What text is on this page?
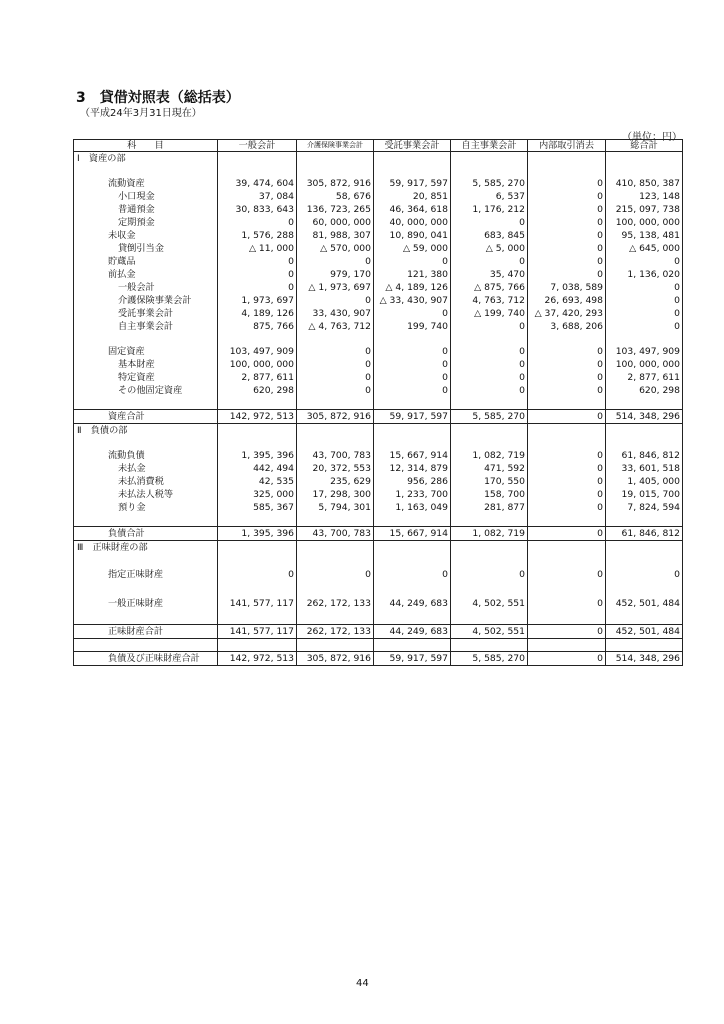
3　貸借対照表（総括表）
（平成24年3月31日現在）
（単位：円）
科　　目	一般会計	介護保険事業会計	受託事業会計	自主事業会計	内部取引消去	総合計
Ⅰ　資産の部						

流動資産	39, 474, 604	305, 872, 916	59, 917, 597	5, 585, 270	0	410, 850, 387
小口現金	37, 084	58, 676	20, 851	6, 537	0	123, 148
普通預金	30, 833, 643	136, 723, 265	46, 364, 618	1, 176, 212	0	215, 097, 738
定期預金	0	60, 000, 000	40, 000, 000	0	0	100, 000, 000
未収金	1, 576, 288	81, 988, 307	10, 890, 041	683, 845	0	95, 138, 481
貸倒引当金	△ 11, 000	△ 570, 000	△ 59, 000	△ 5, 000	0	△ 645, 000
貯蔵品	0	0	0	0	0	0
前払金	0	979, 170	121, 380	35, 470	0	1, 136, 020
一般会計	0	△ 1, 973, 697	△ 4, 189, 126	△ 875, 766	7, 038, 589	0
介護保険事業会計	1, 973, 697	0	△ 33, 430, 907	4, 763, 712	26, 693, 498	0
受託事業会計	4, 189, 126	33, 430, 907	0	△ 199, 740	△ 37, 420, 293	0
自主事業会計	875, 766	△ 4, 763, 712	199, 740	0	3, 688, 206	0

固定資産	103, 497, 909	0	0	0	0	103, 497, 909
基本財産	100, 000, 000	0	0	0	0	100, 000, 000
特定資産	2, 877, 611	0	0	0	0	2, 877, 611
その他固定資産	620, 298	0	0	0	0	620, 298

資産合計	142, 972, 513	305, 872, 916	59, 917, 597	5, 585, 270	0	514, 348, 296
Ⅱ　負債の部						

流動負債	1, 395, 396	43, 700, 783	15, 667, 914	1, 082, 719	0	61, 846, 812
未払金	442, 494	20, 372, 553	12, 314, 879	471, 592	0	33, 601, 518
未払消費税	42, 535	235, 629	956, 286	170, 550	0	1, 405, 000
未払法人税等	325, 000	17, 298, 300	1, 233, 700	158, 700	0	19, 015, 700
預り金	585, 367	5, 794, 301	1, 163, 049	281, 877	0	7, 824, 594

負債合計	1, 395, 396	43, 700, 783	15, 667, 914	1, 082, 719	0	61, 846, 812
Ⅲ　正味財産の部						

指定正味財産	0	0	0	0	0	0

一般正味財産	141, 577, 117	262, 172, 133	44, 249, 683	4, 502, 551	0	452, 501, 484

正味財産合計	141, 577, 117	262, 172, 133	44, 249, 683	4, 502, 551	0	452, 501, 484

負債及び正味財産合計	142, 972, 513	305, 872, 916	59, 917, 597	5, 585, 270	0	514, 348, 296
44
